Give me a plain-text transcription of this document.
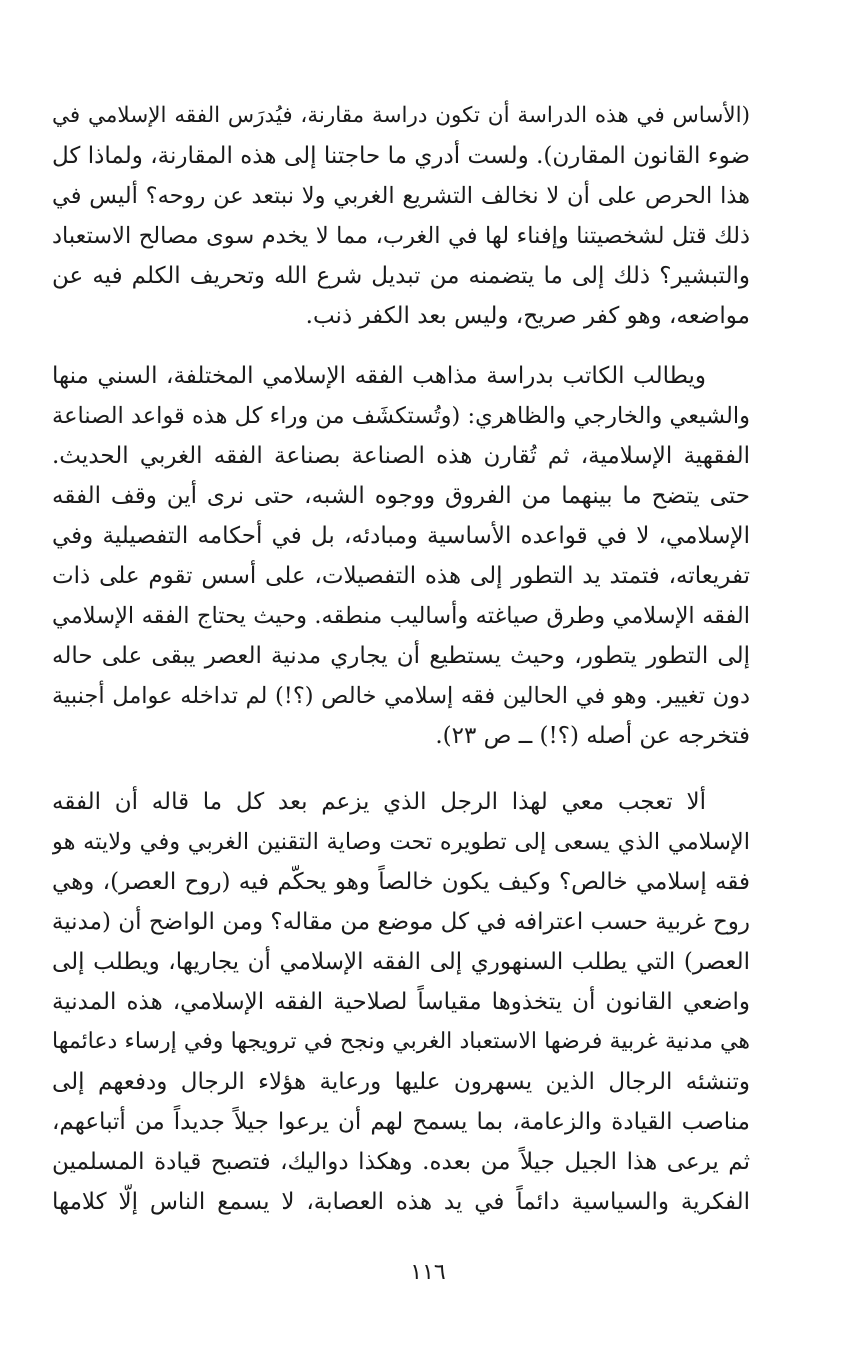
(الأساس في هذه الدراسة أن تكون دراسة مقارنة، فيُدرَس الفقه الإسلامي في
ضوء القانون المقارن). ولست أدري ما حاجتنا إلى هذه المقارنة، ولماذا كل
هذا الحرص على أن لا نخالف التشريع الغربي ولا نبتعد عن روحه؟ أليس في
ذلك قتل لشخصيتنا وإفناء لها في الغرب، مما لا يخدم سوى مصالح الاستعباد
والتبشير؟ ذلك إلى ما يتضمنه من تبديل شرع الله وتحريف الكلم فيه عن
مواضعه، وهو كفر صريح، وليس بعد الكفر ذنب.
ويطالب الكاتب بدراسة مذاهب الفقه الإسلامي المختلفة، السني منها
والشيعي والخارجي والظاهري: (وتُستكشَف من وراء كل هذه قواعد الصناعة
الفقهية الإسلامية، ثم تُقارن هذه الصناعة بصناعة الفقه الغربي الحديث.
حتى يتضح ما بينهما من الفروق ووجوه الشبه، حتى نرى أين وقف الفقه
الإسلامي، لا في قواعده الأساسية ومبادئه، بل في أحكامه التفصيلية وفي
تفريعاته، فتمتد يد التطور إلى هذه التفصيلات، على أسس تقوم على ذات
الفقه الإسلامي وطرق صياغته وأساليب منطقه. وحيث يحتاج الفقه الإسلامي
إلى التطور يتطور، وحيث يستطيع أن يجاري مدنية العصر يبقى على حاله
دون تغيير. وهو في الحالين فقه إسلامي خالص (؟!) لم تداخله عوامل أجنبية
فتخرجه عن أصله (؟!) ــ ص ٢٣).
ألا تعجب معي لهذا الرجل الذي يزعم بعد كل ما قاله أن الفقه
الإسلامي الذي يسعى إلى تطويره تحت وصاية التقنين الغربي وفي ولايته هو
فقه إسلامي خالص؟ وكيف يكون خالصاً وهو يحكّم فيه (روح العصر)، وهي
روح غربية حسب اعترافه في كل موضع من مقاله؟ ومن الواضح أن (مدنية
العصر) التي يطلب السنهوري إلى الفقه الإسلامي أن يجاريها، ويطلب إلى
واضعي القانون أن يتخذوها مقياساً لصلاحية الفقه الإسلامي، هذه المدنية
هي مدنية غربية فرضها الاستعباد الغربي ونجح في ترويجها وفي إرساء دعائمها
وتنشئه الرجال الذين يسهرون عليها ورعاية هؤلاء الرجال ودفعهم إلى
مناصب القيادة والزعامة، بما يسمح لهم أن يرعوا جيلاً جديداً من أتباعهم،
ثم يرعى هذا الجيل جيلاً من بعده. وهكذا دواليك، فتصبح قيادة المسلمين
الفكرية والسياسية دائماً في يد هذه العصابة، لا يسمع الناس إلّا كلامها
١١٦
